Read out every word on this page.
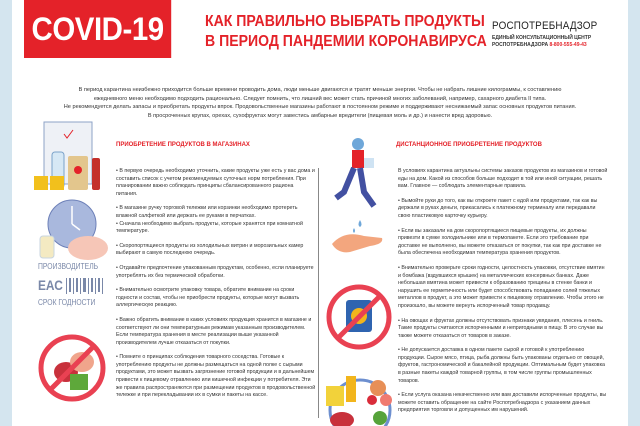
COVID-19	КАК ПРАВИЛЬНО ВЫБРАТЬ ПРОДУКТЫ
В ПЕРИОД ПАНДЕМИИ КОРОНАВИРУСА
РОСПОТРЕБНАДЗОР
ЕДИНЫЙ КОНСУЛЬТАЦИОННЫЙ ЦЕНТР
РОСПОТРЕБНАДЗОРА 8-800-555-49-43
В период карантина неизбежно приходится больше времени проводить дома, люди меньше двигаются и тратят меньше энергии. Чтобы не набрать лишние килограммы, к составлению
ежедневного меню необходимо подходить рационально. Следует помнить, что лишний вес может стать причиной многих заболеваний, например, сахарного диабета II типа.
Не рекомендуется делать запасы и приобретать продукты впрок. Продовольственные магазины работают в постоянном режиме и поддерживают неснижаемый запас основных продуктов питания.
В просроченных крупах, орехах, сухофруктах могут завестись амбарные вредители (пищевая моль и др.) и нанести вред здоровью.
ПРИОБРЕТЕНИЕ ПРОДУКТОВ В МАГАЗИНАХ

• В первую очередь необходимо уточнить, какие продукты уже есть у вас дома и составить список с учетом рекомендуемых суточных норм потребления. При планировании важно соблюдать принципы сбалансированного рациона питания.

• В магазине ручку торговой тележки или корзинки необходимо протереть влажной салфеткой или держать ее руками в перчатках.
• Сначала необходимо выбрать продукты, которые хранятся при комнатной температуре.

• Скоропортящиеся продукты из холодильных витрин и морозильных камер выбирают в самую последнюю очередь.

• Отдавайте предпочтение упакованным продуктам, особенно, если планируете употреблять их без термической обработки.

• Внимательно осмотрите упаковку товара, обратите внимание на сроки годности и состав, чтобы не приобрести продукты, которые могут вызвать аллергическую реакцию.

• Важно обратить внимание в каких условиях продукция хранится в магазине и соответствуют ли они температурным режимам указанным производителем. Если температура хранения в месте реализации выше указанной производителем лучше отказаться от покупки.

• Помните о принципах соблюдения товарного соседства. Готовые к употреблению продукты не должны размещаться на одной полке с сырыми продуктами, это может вызвать загрязнение готовой продукции и в дальнейшем привести к пищевому отравлению или кишечной инфекции у потребителя. Эти же правила распространяются при размещении продуктов в продовольственной тележке и при перекладывании их в сумки и пакеты на кассе.

ДИСТАНЦИОННОЕ ПРИОБРЕТЕНИЕ ПРОДУКТОВ

В условиях карантина актуальны системы заказов продуктов из магазинов и готовой еды на дом. Какой из способов больше подходит в той или иной ситуации, решать вам. Главное — соблюдать элементарные правила.

• Вымойте руки до того, как вы откроете пакет с едой или продуктами, так как вы держали в руках деньги, прикасались к платежному терминалу или передавали свою пластиковую карточку курьеру.

• Если вы заказали на дом скоропортящиеся пищевые продукты, их должны привезти в сумке холодильнике или в термопакете. Если это требование при доставке не выполнено, вы можете отказаться от покупки, так как при доставке не была обеспечена необходимая температура хранения продуктов.

• Внимательно проверьте сроки годности, целостность упаковки, отсутствие вмятин и бомбажа (вздувшихся крышек) на металлических консервных банках. Даже небольшая вмятина может привести к образованию трещины в стенке банки и нарушить ее герметичность или будет способствовать попаданию солей тяжелых металлов в продукт, а это может привести к пищевому отравлению. Чтобы этого не произошло, вы можете вернуть испорченный товар продавцу.

• На овощах и фруктах должны отсутствовать признаки увядания, плесень и гниль. Такие продукты считаются испорченными и непригодными в пищу. В это случае вы также можете отказаться от товаров в заказе.

• Не допускается доставка в одном пакете сырой и готовой к употреблению продукции. Сырое мясо, птица, рыба должны быть упакованы отдельно от овощей, фруктов, гастрономической и бакалейной продукции. Оптимальным будет упаковка в разные пакеты каждой товарной группы, в том числе группы промышленных товаров.

• Если услуга оказана некачественно или вам доставили испорченные продукты, вы можете оставить обращение на сайте Роспотребнадзора с указанием данных предприятия торговли и допущенных им нарушений.

ПРОИЗВОДИТЕЛЬ
ЕАС
СРОК ГОДНОСТИ
